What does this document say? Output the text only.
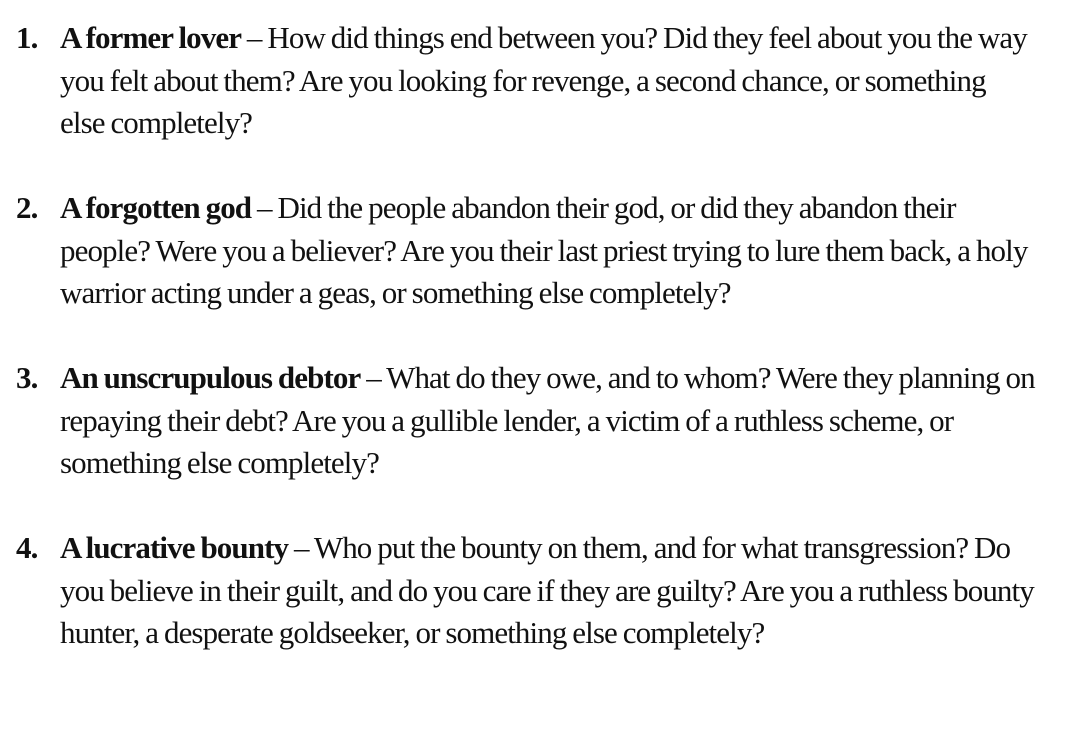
1. A former lover – How did things end between you? Did they feel about you the way you felt about them? Are you looking for revenge, a second chance, or something else completely?
2. A forgotten god – Did the people abandon their god, or did they abandon their people? Were you a believer? Are you their last priest trying to lure them back, a holy warrior acting under a geas, or something else completely?
3. An unscrupulous debtor – What do they owe, and to whom? Were they planning on repaying their debt? Are you a gullible lender, a victim of a ruthless scheme, or something else completely?
4. A lucrative bounty – Who put the bounty on them, and for what transgression? Do you believe in their guilt, and do you care if they are guilty? Are you a ruthless bounty hunter, a desperate goldseeker, or something else completely?
